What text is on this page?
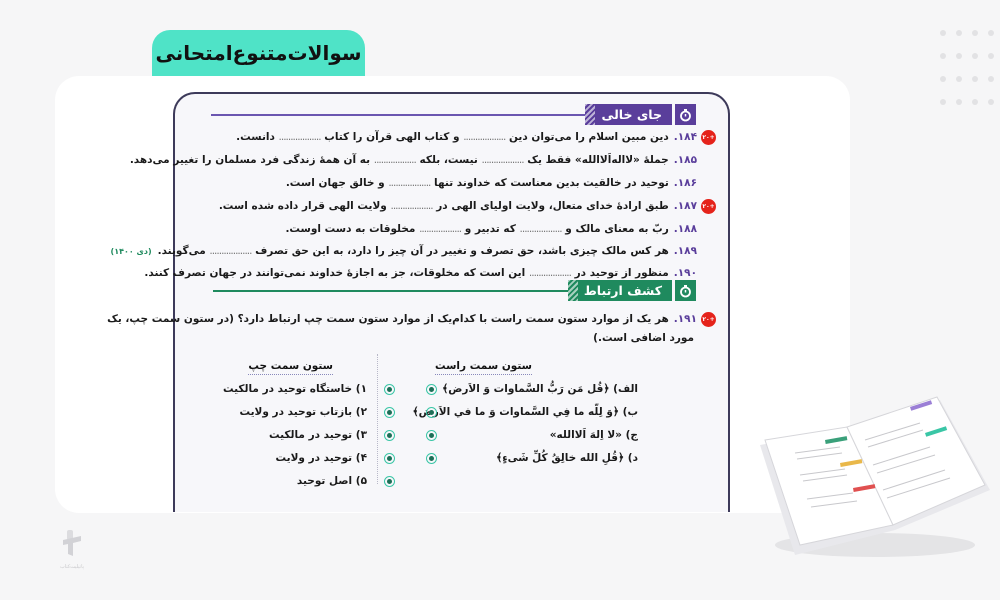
سوالات‌متنوع‌امتحانی
جای خالی
+۲۰
۱۸۴.
دین مبین اسلام را می‌توان دین

..................

و کتاب الهی قرآن را کتاب

..................

دانست.
۱۸۵.
جملهٔ «لااله‌اَلاالله» فقط یک

..................

نیست، بلکه

..................

به آن همهٔ زندگی فرد مسلمان را تغییر می‌دهد.
۱۸۶.
توحید در خالقیت بدین معناست که خداوند تنها

..................

و خالق جهان است.
+۲۰
۱۸۷.
طبق ارادهٔ خدای متعال، ولایت اولیای الهی در

..................

ولایت الهی قرار داده شده است.
۱۸۸.
ربّ به معنای مالک و

..................

که تدبیر و

..................

مخلوقات به دست اوست.
۱۸۹.
هر کس مالک چیزی باشد، حق تصرف و تغییر در آن چیز را دارد، به این حق تصرف

..................

می‌گویند.
(دی ۱۴۰۰)
۱۹۰.
منظور از توحید در

..................

این است که مخلوقات، جز به اجازهٔ خداوند نمی‌توانند در جهان تصرف کنند.
کشف ارتباط
+۲۰
۱۹۱.
هر یک از موارد ستون سمت راست با کدام‌یک از موارد ستون سمت چپ ارتباط دارد؟ (در ستون سمت چپ، یک
مورد اضافی است.)
ستون سمت راست
ستون سمت چپ
الف) ﴿قُل مَن رَبُّ السَّماوات وَ الاَرض﴾
ب) ﴿وَ لِلّه ما فِي السَّماوات وَ ما في الاَرض﴾
ج) «لا اِلهَ اَلاالله»
د) ﴿قُلِ الله خالِقُ کُلِّ شَیءٍ﴾
۱) خاستگاه توحید در مالکیت
۲) بازتاب توحید در ولایت
۳) توحید در مالکیت
۴) توحید در ولایت
۵) اصل توحید
پاتیلیت‌کتاب
